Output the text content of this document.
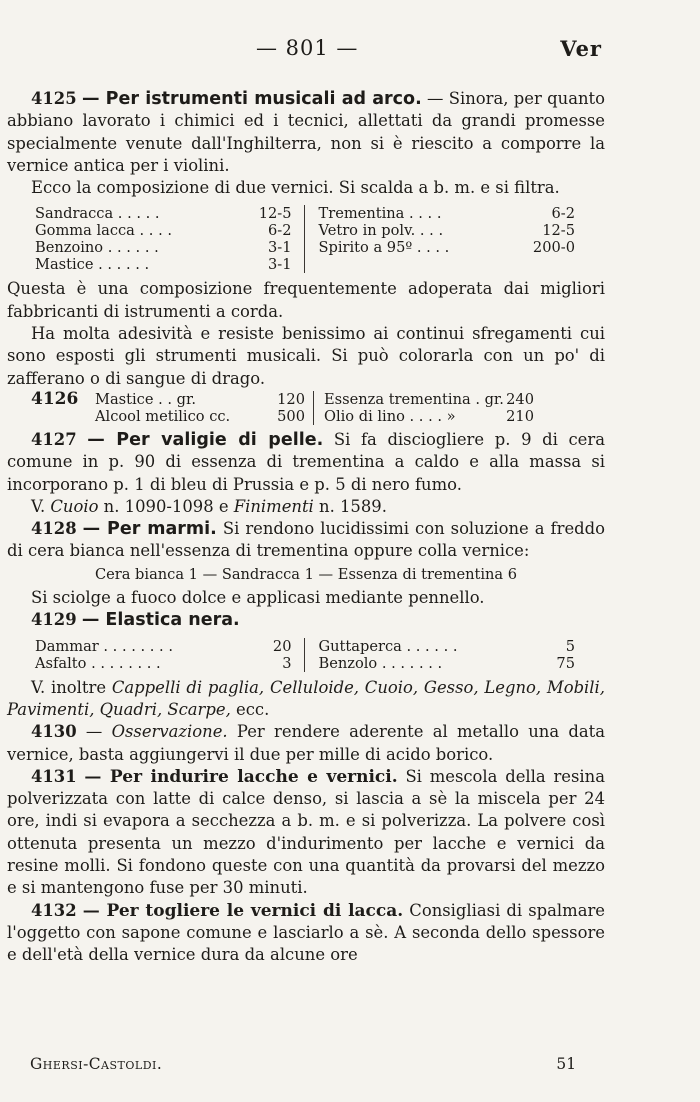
— 801 —	Ver

4125 — Per istrumenti musicali ad arco. — Sinora, per quanto abbiano lavorato i chimici ed i tecnici, allettati da grandi promesse specialmente venute dall'Inghilterra, non si è riescito a comporre la vernice antica per i violini.

Ecco la composizione di due vernici. Si scalda a b. m. e si filtra.

Sandracca . . . . .	12-5
Gomma lacca . . . .	6-2
Benzoino . . . . . .	3-1
Mastice . . . . . .	3-1
Trementina . . . .	6-2
Vetro in polv. . . .	12-5
Spirito a 95º . . . .	200-0

Questa è una composizione frequentemente adoperata dai migliori fabbricanti di istrumenti a corda.

Ha molta adesività e resiste benissimo ai continui sfregamenti cui sono esposti gli strumenti musicali. Si può colorarla con un po' di zafferano o di sangue di drago.

4126	Mastice . . gr.	120
Alcool metilico cc.	500
Essenza trementina . gr. 240
Olio di lino . . . . »	210

4127 — Per valigie di pelle. Si fa disciogliere p. 9 di cera comune in p. 90 di essenza di trementina a caldo e alla massa si incorporano p. 1 di bleu di Prussia e p. 5 di nero fumo.

V. Cuoio n. 1090-1098 e Finimenti n. 1589.

4128 — Per marmi. Si rendono lucidissimi con soluzione a freddo di cera bianca nell'essenza di trementina oppure colla vernice:

Cera bianca 1 — Sandracca 1 — Essenza di trementina 6

Si sciolge a fuoco dolce e applicasi mediante pennello.

4129 — Elastica nera.

Dammar . . . . . . . .	20
Asfalto . . . . . . . .	3
Guttaperca . . . . . .	5
Benzolo . . . . . . .	75

V. inoltre Cappelli di paglia, Celluloide, Cuoio, Gesso, Legno, Mobili, Pavimenti, Quadri, Scarpe, ecc.

4130 — Osservazione. Per rendere aderente al metallo una data vernice, basta aggiungervi il due per mille di acido borico.

4131 — Per indurire lacche e vernici. Si mescola della resina polverizzata con latte di calce denso, si lascia a sè la miscela per 24 ore, indi si evapora a secchezza a b. m. e si polverizza. La polvere così ottenuta presenta un mezzo d'indurimento per lacche e vernici da resine molli. Si fondono queste con una quantità da provarsi del mezzo e si mantengono fuse per 30 minuti.

4132 — Per togliere le vernici di lacca. Consigliasi di spalmare l'oggetto con sapone comune e lasciarlo a sè. A seconda dello spessore e dell'età della vernice dura da alcune ore

Ghersi-Castoldi.	51
